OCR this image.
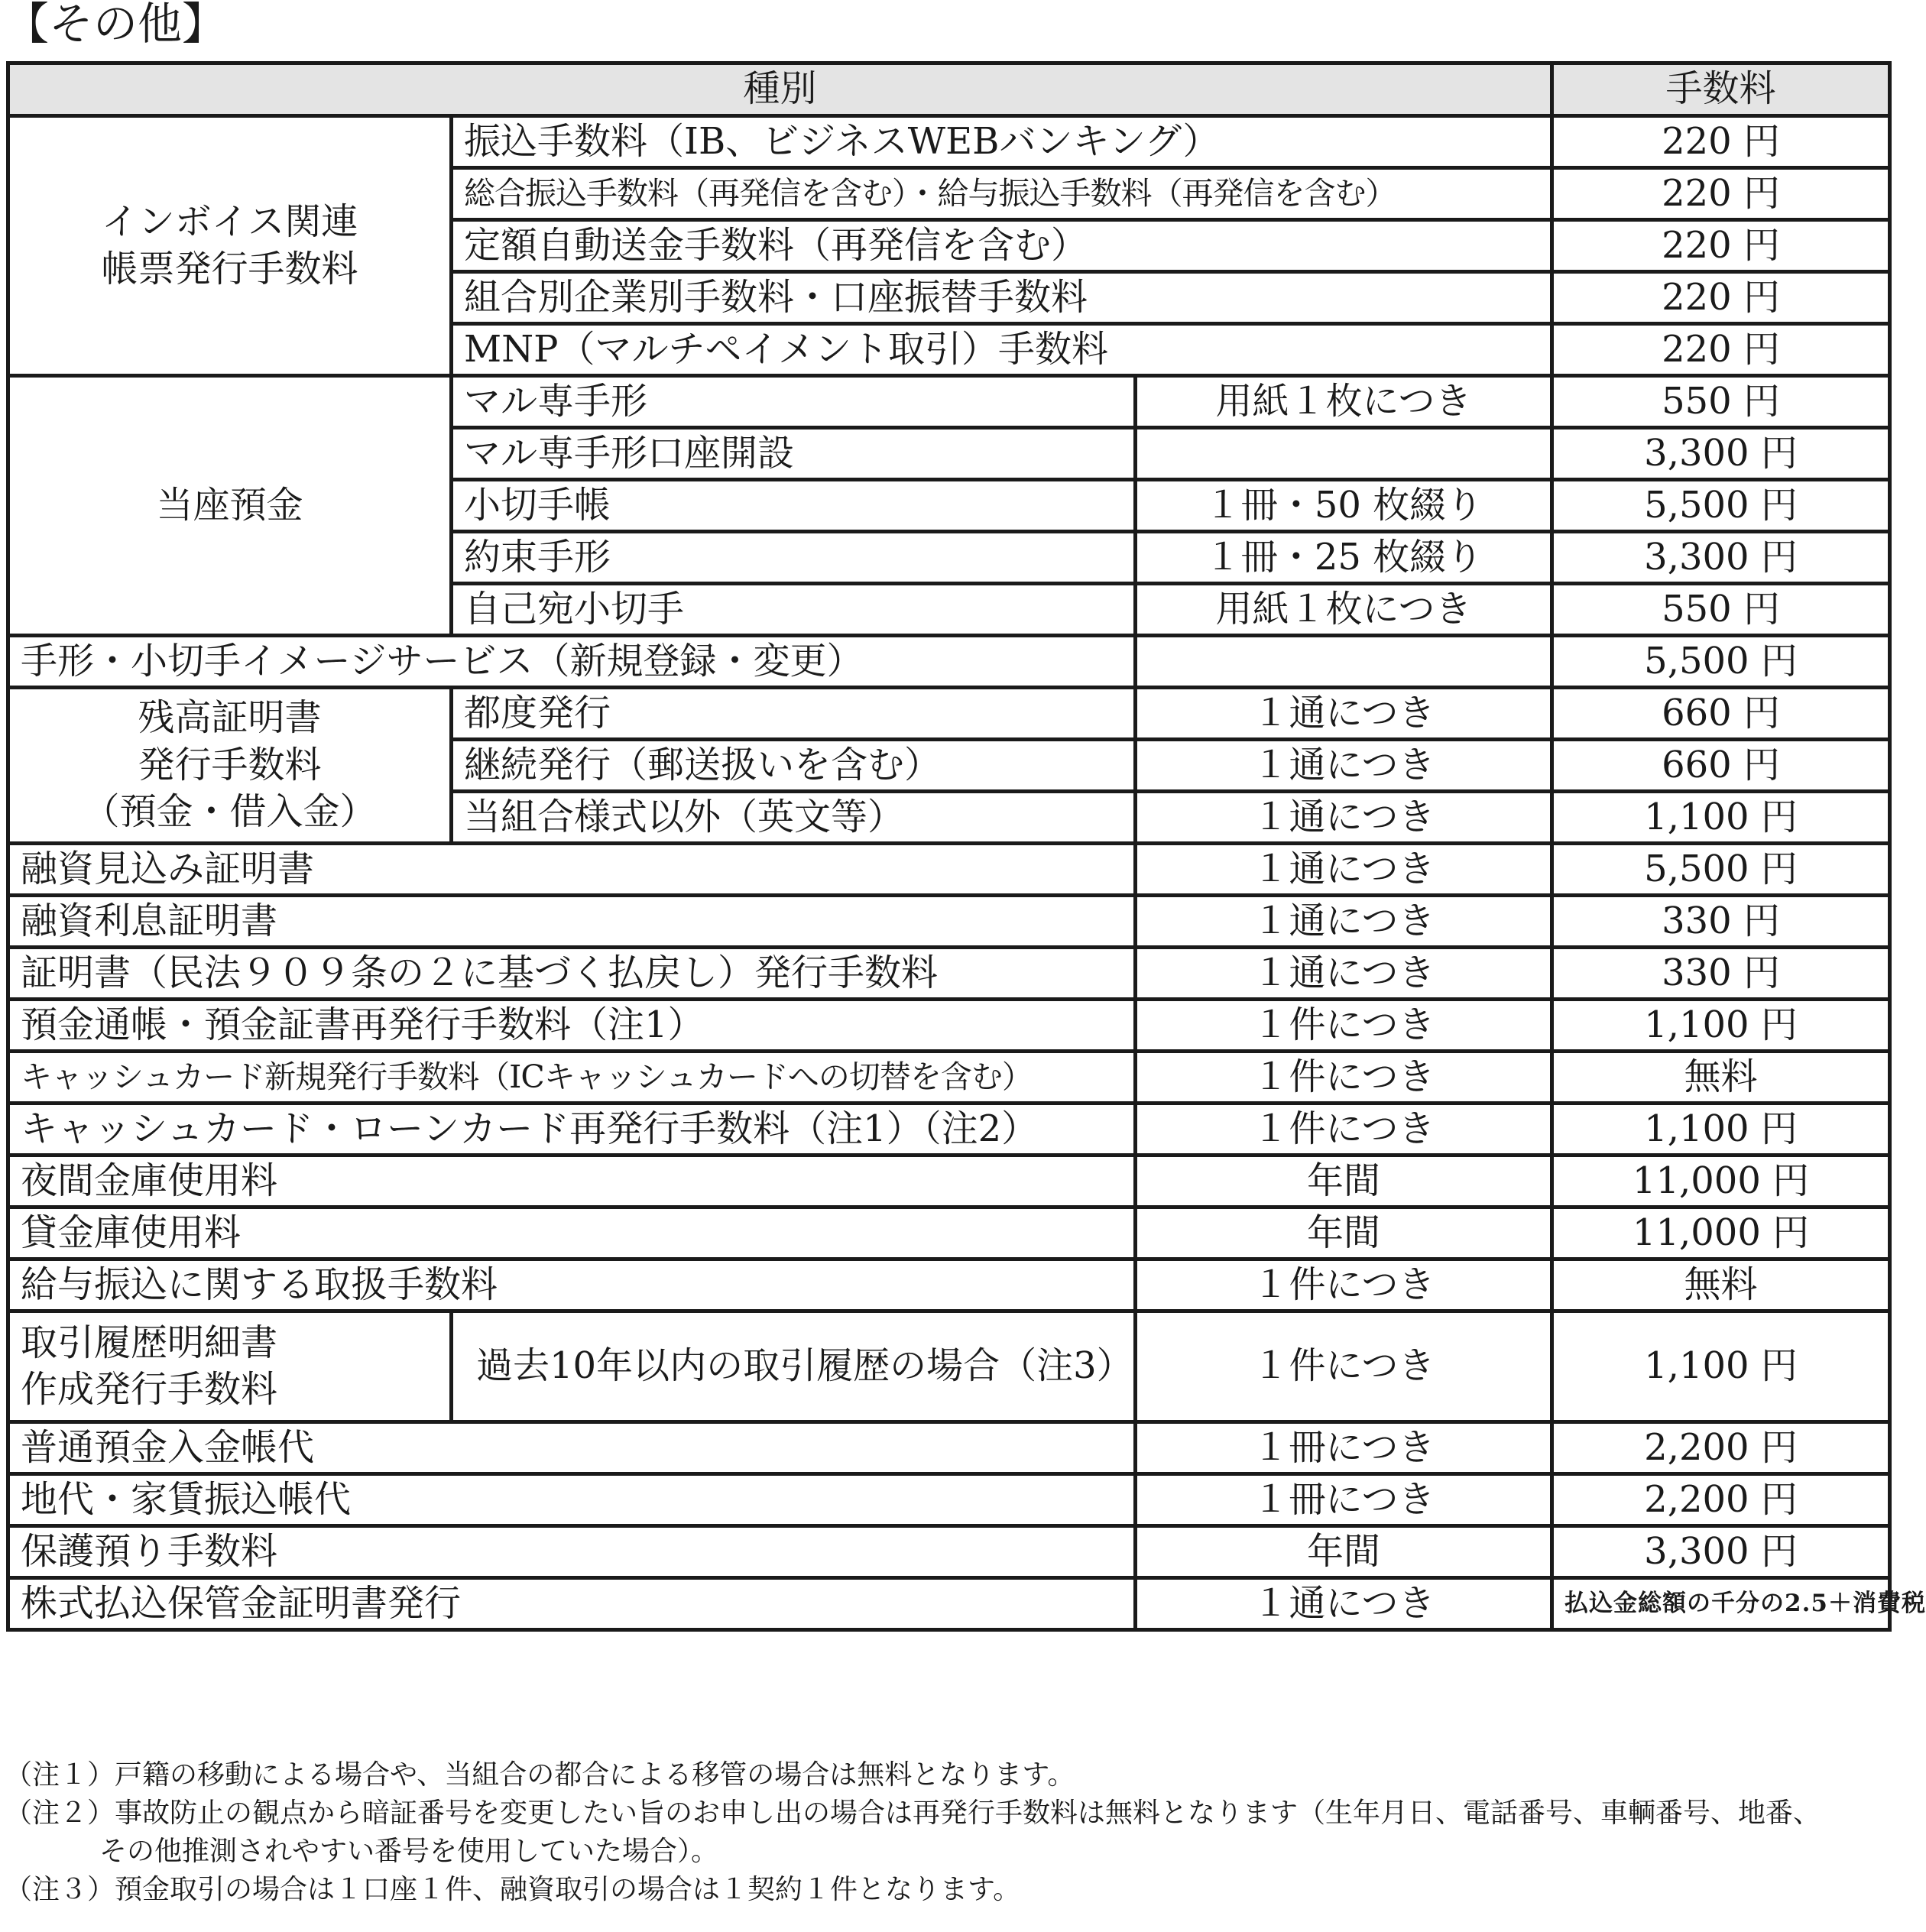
【その他】
種別			手数料
インボイス関連
帳票発行手数料	振込手数料（IB、ビジネスWEBバンキング）		220 円
	総合振込手数料（再発信を含む）・給与振込手数料（再発信を含む）		220 円
	定額自動送金手数料（再発信を含む）		220 円
	組合別企業別手数料・口座振替手数料		220 円
	MNP（マルチペイメント取引）手数料		220 円
当座預金	マル専手形	用紙１枚につき	550 円
	マル専手形口座開設		3,300 円
	小切手帳	１冊・50 枚綴り	5,500 円
	約束手形	１冊・25 枚綴り	3,300 円
	自己宛小切手	用紙１枚につき	550 円
手形・小切手イメージサービス（新規登録・変更）			5,500 円
残高証明書
発行手数料
（預金・借入金）	都度発行	１通につき	660 円
	継続発行（郵送扱いを含む）	１通につき	660 円
	当組合様式以外（英文等）	１通につき	1,100 円
融資見込み証明書		１通につき	5,500 円
融資利息証明書		１通につき	330 円
証明書（民法９０９条の２に基づく払戻し）発行手数料		１通につき	330 円
預金通帳・預金証書再発行手数料（注1）		１件につき	1,100 円
キャッシュカード新規発行手数料（ICキャッシュカードへの切替を含む）		１件につき	無料
キャッシュカード・ローンカード再発行手数料（注1）（注2）		１件につき	1,100 円
夜間金庫使用料		年間	11,000 円
貸金庫使用料		年間	11,000 円
給与振込に関する取扱手数料		１件につき	無料
取引履歴明細書
作成発行手数料	過去10年以内の取引履歴の場合（注3）	１件につき	1,100 円
普通預金入金帳代		１冊につき	2,200 円
地代・家賃振込帳代		１冊につき	2,200 円
保護預り手数料		年間	3,300 円
株式払込保管金証明書発行		１通につき	払込金総額の千分の2.5＋消費税
（注１）戸籍の移動による場合や、当組合の都合による移管の場合は無料となります。
（注２）事故防止の観点から暗証番号を変更したい旨のお申し出の場合は再発行手数料は無料となります（生年月日、電話番号、車輌番号、地番、
その他推測されやすい番号を使用していた場合）。
（注３）預金取引の場合は１口座１件、融資取引の場合は１契約１件となります。
